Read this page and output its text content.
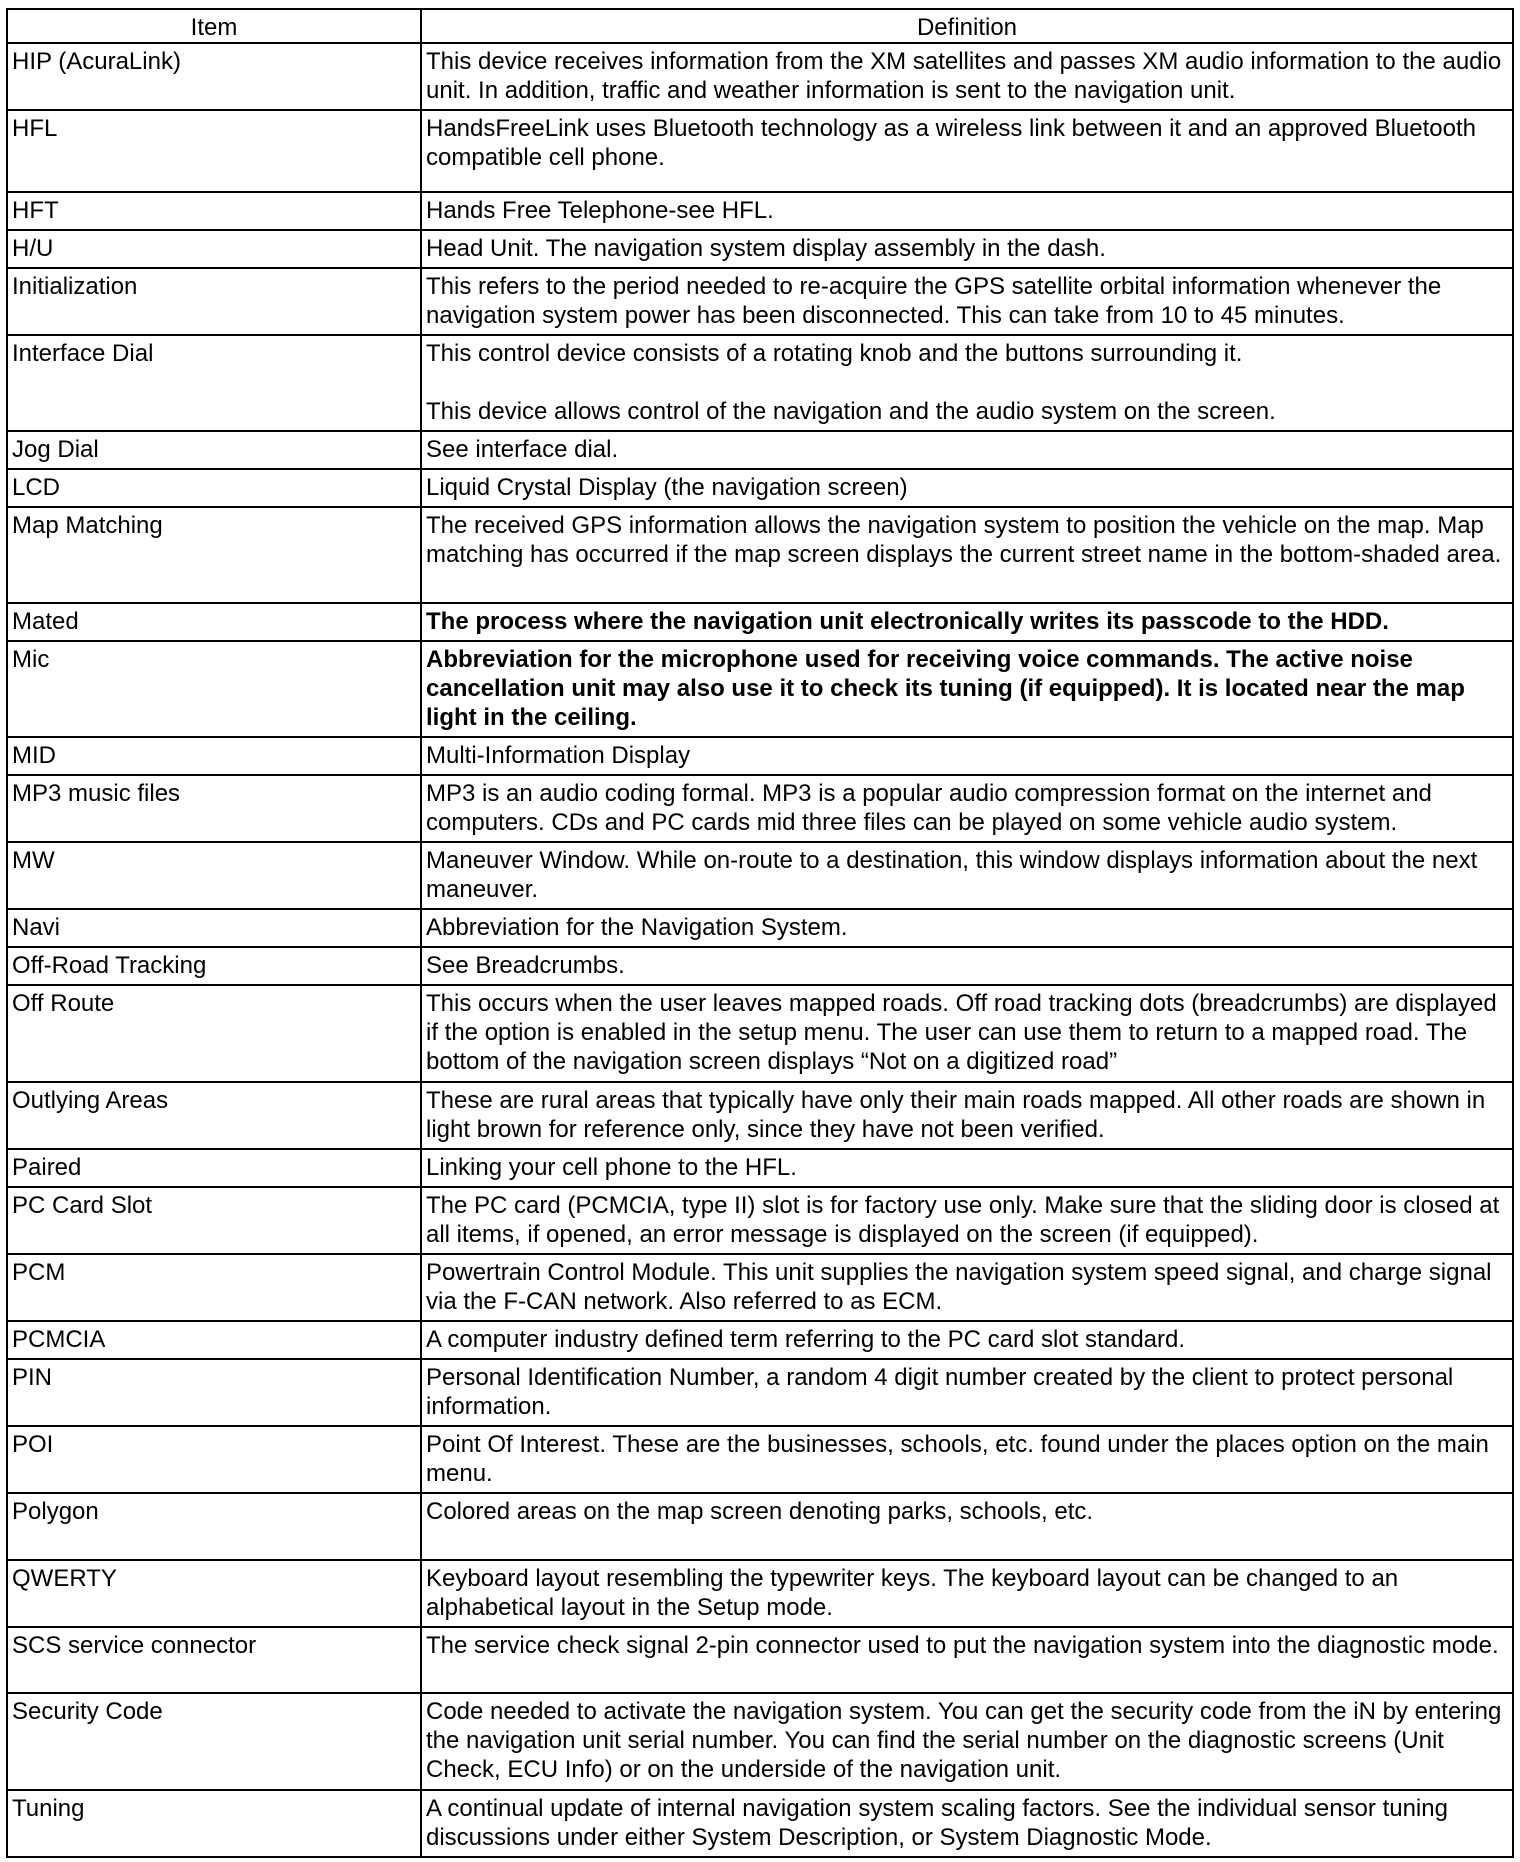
Item	Definition
HIP (AcuraLink)	This device receives information from the XM satellites and passes XM audio information to the audio unit. In addition, traffic and weather information is sent to the navigation unit.
HFL	HandsFreeLink uses Bluetooth technology as a wireless link between it and an approved Bluetooth compatible cell phone.
HFT	Hands Free Telephone-see HFL.
H/U	Head Unit. The navigation system display assembly in the dash.
Initialization	This refers to the period needed to re-acquire the GPS satellite orbital information whenever the navigation system power has been disconnected. This can take from 10 to 45 minutes.
Interface Dial	This control device consists of a rotating knob and the buttons surrounding it.

This device allows control of the navigation and the audio system on the screen.
Jog Dial	See interface dial.
LCD	Liquid Crystal Display (the navigation screen)
Map Matching	The received GPS information allows the navigation system to position the vehicle on the map. Map matching has occurred if the map screen displays the current street name in the bottom-shaded area.
Mated	The process where the navigation unit electronically writes its passcode to the HDD.
Mic	Abbreviation for the microphone used for receiving voice commands. The active noise cancellation unit may also use it to check its tuning (if equipped). It is located near the map light in the ceiling.
MID	Multi-Information Display
MP3 music files	MP3 is an audio coding formal. MP3 is a popular audio compression format on the internet and computers. CDs and PC cards mid three files can be played on some vehicle audio system.
MW	Maneuver Window. While on-route to a destination, this window displays information about the next maneuver.
Navi	Abbreviation for the Navigation System.
Off-Road Tracking	See Breadcrumbs.
Off Route	This occurs when the user leaves mapped roads. Off road tracking dots (breadcrumbs) are displayed if the option is enabled in the setup menu. The user can use them to return to a mapped road. The bottom of the navigation screen displays “Not on a digitized road”
Outlying Areas	These are rural areas that typically have only their main roads mapped. All other roads are shown in light brown for reference only, since they have not been verified.
Paired	Linking your cell phone to the HFL.
PC Card Slot	The PC card (PCMCIA, type II) slot is for factory use only. Make sure that the sliding door is closed at all items, if opened, an error message is displayed on the screen (if equipped).
PCM	Powertrain Control Module. This unit supplies the navigation system speed signal, and charge signal via the F-CAN network. Also referred to as ECM.
PCMCIA	A computer industry defined term referring to the PC card slot standard.
PIN	Personal Identification Number, a random 4 digit number created by the client to protect personal information.
POI	Point Of Interest. These are the businesses, schools, etc. found under the places option on the main menu.
Polygon	Colored areas on the map screen denoting parks, schools, etc.
QWERTY	Keyboard layout resembling the typewriter keys. The keyboard layout can be changed to an alphabetical layout in the Setup mode.
SCS service connector	The service check signal 2-pin connector used to put the navigation system into the diagnostic mode.
Security Code	Code needed to activate the navigation system. You can get the security code from the iN by entering the navigation unit serial number. You can find the serial number on the diagnostic screens (Unit Check, ECU Info) or on the underside of the navigation unit.
Tuning	A continual update of internal navigation system scaling factors. See the individual sensor tuning discussions under either System Description, or System Diagnostic Mode.
